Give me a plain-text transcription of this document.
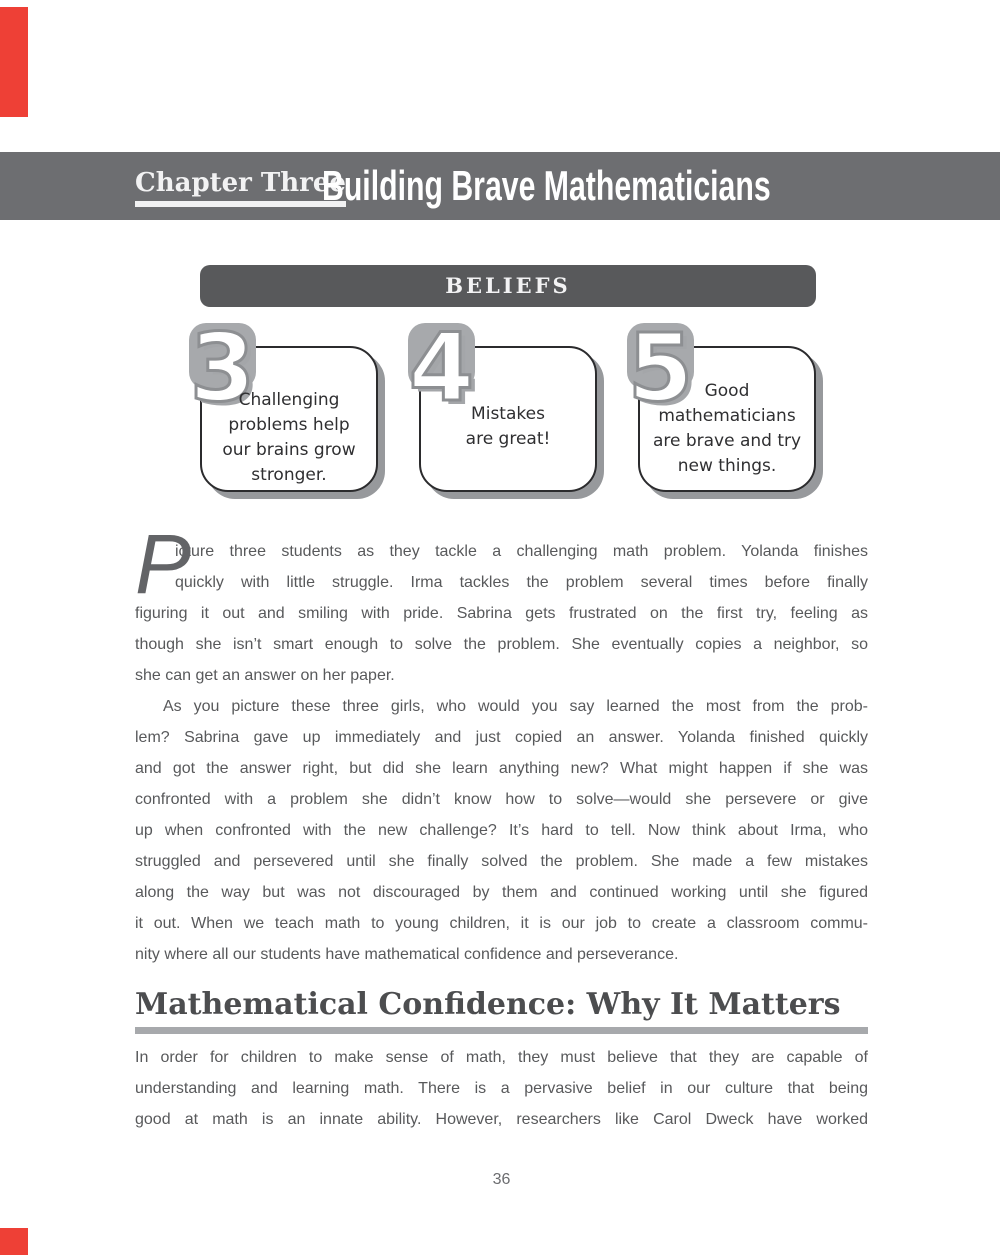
Chapter Three
Building Brave Mathematicians
BELIEFS
3
Challenging
problems help
our brains grow
stronger.
4
Mistakes
are great!
5 Good
mathematicians
are brave and try
new things.
P
icture three students as they tackle a challenging math problem. Yolanda finishes
quickly with little struggle. Irma tackles the problem several times before finally
figuring it out and smiling with pride. Sabrina gets frustrated on the first try, feeling as
though she isn’t smart enough to solve the problem. She eventually copies a neighbor, so
she can get an answer on her paper.
As you picture these three girls, who would you say learned the most from the prob-
lem? Sabrina gave up immediately and just copied an answer. Yolanda finished quickly
and got the answer right, but did she learn anything new? What might happen if she was
confronted with a problem she didn’t know how to solve—would she persevere or give
up when confronted with the new challenge? It’s hard to tell. Now think about Irma, who
struggled and persevered until she finally solved the problem. She made a few mistakes
along the way but was not discouraged by them and continued working until she figured
it out. When we teach math to young children, it is our job to create a classroom commu-
nity where all our students have mathematical confidence and perseverance.
Mathematical Confidence: Why It Matters
In order for children to make sense of math, they must believe that they are capable of
understanding and learning math. There is a pervasive belief in our culture that being
good at math is an innate ability. However, researchers like Carol Dweck have worked
36
